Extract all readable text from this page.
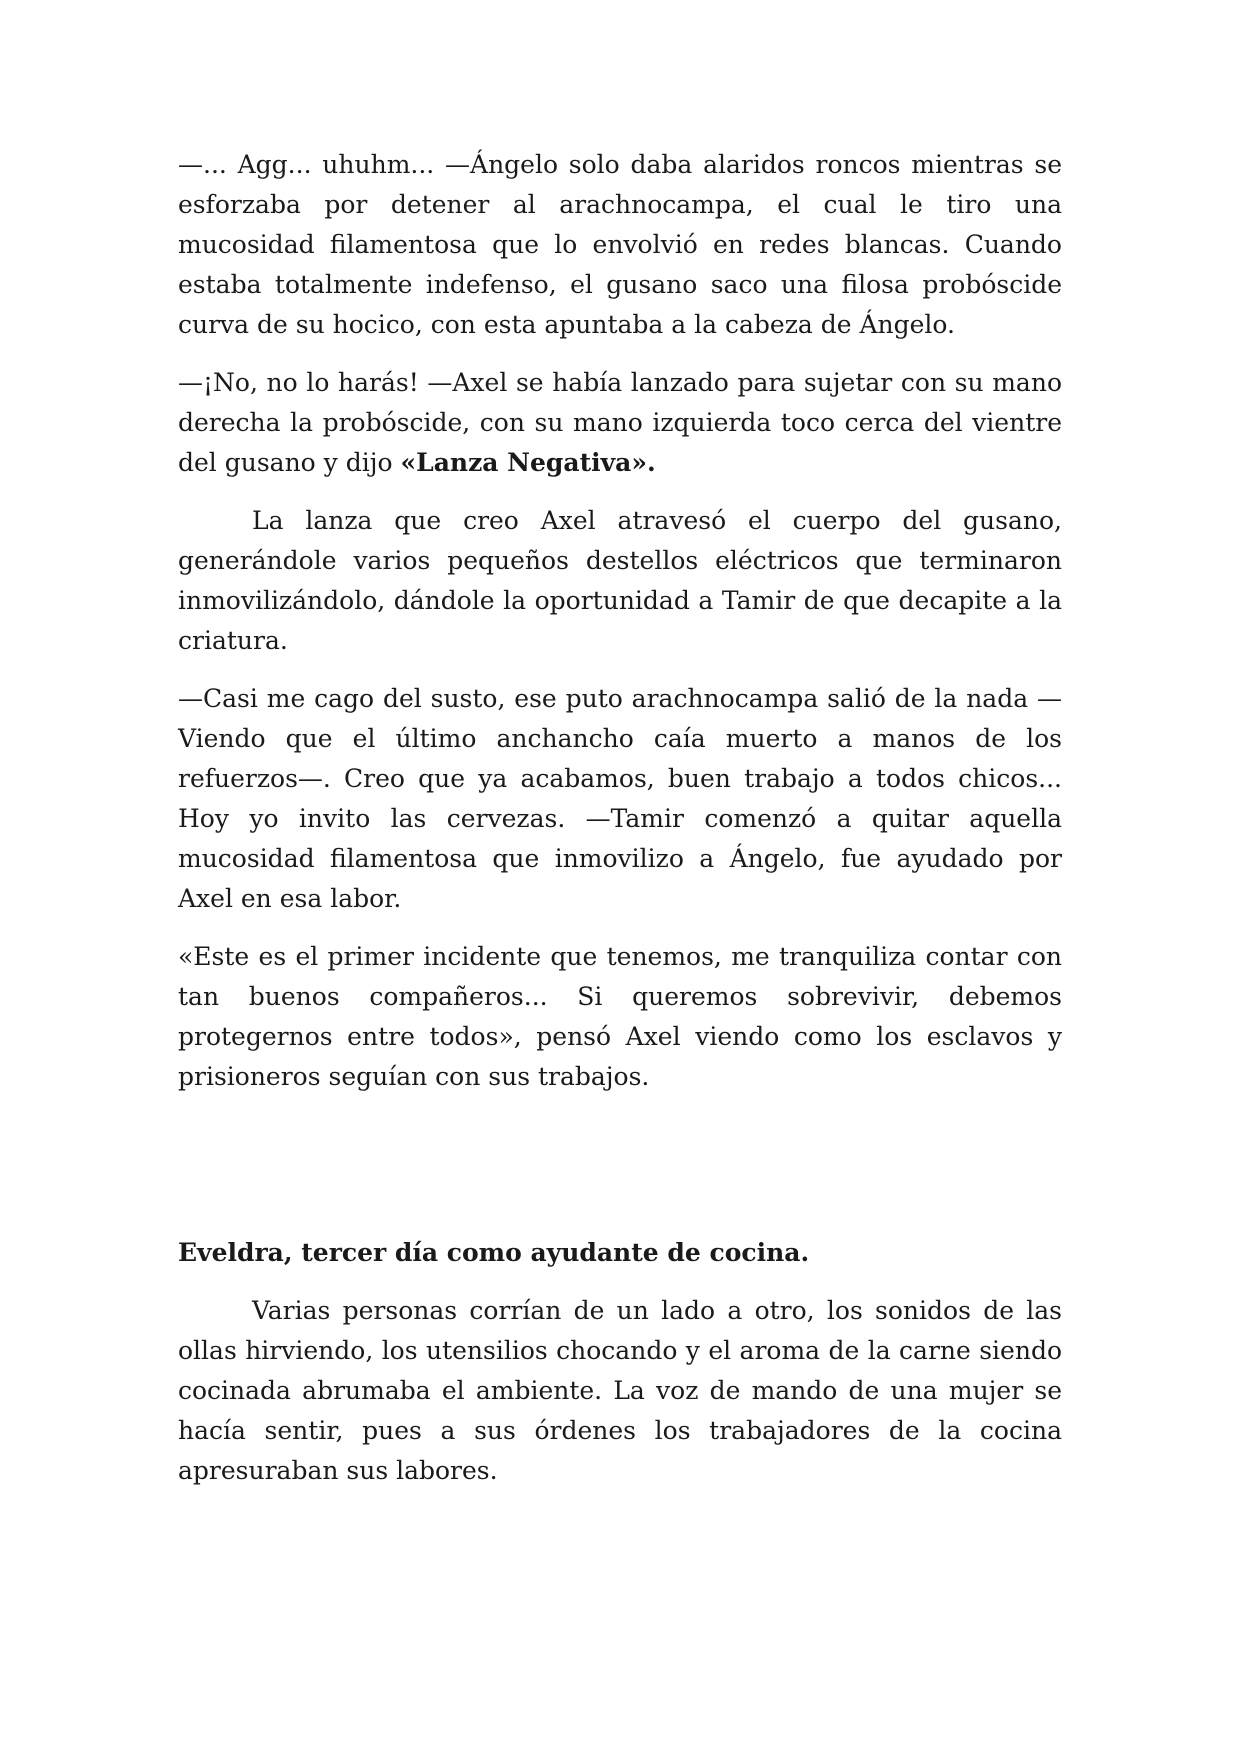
—... Agg... uhuhm... —Ángelo solo daba alaridos roncos mientras se esforzaba por detener al arachnocampa, el cual le tiro una mucosidad filamentosa que lo envolvió en redes blancas. Cuando estaba totalmente indefenso, el gusano saco una filosa probóscide curva de su hocico, con esta apuntaba a la cabeza de Ángelo.

—¡No, no lo harás! —Axel se había lanzado para sujetar con su mano derecha la probóscide, con su mano izquierda toco cerca del vientre del gusano y dijo «Lanza Negativa».

La lanza que creo Axel atravesó el cuerpo del gusano, generándole varios pequeños destellos eléctricos que terminaron inmovilizándolo, dándole la oportunidad a Tamir de que decapite a la criatura.

—Casi me cago del susto, ese puto arachnocampa salió de la nada —Viendo que el último anchancho caía muerto a manos de los refuerzos—. Creo que ya acabamos, buen trabajo a todos chicos... Hoy yo invito las cervezas. —Tamir comenzó a quitar aquella mucosidad filamentosa que inmovilizo a Ángelo, fue ayudado por Axel en esa labor.

«Este es el primer incidente que tenemos, me tranquiliza contar con tan buenos compañeros... Si queremos sobrevivir, debemos protegernos entre todos», pensó Axel viendo como los esclavos y prisioneros seguían con sus trabajos.

Eveldra, tercer día como ayudante de cocina.

Varias personas corrían de un lado a otro, los sonidos de las ollas hirviendo, los utensilios chocando y el aroma de la carne siendo cocinada abrumaba el ambiente. La voz de mando de una mujer se hacía sentir, pues a sus órdenes los trabajadores de la cocina apresuraban sus labores.
